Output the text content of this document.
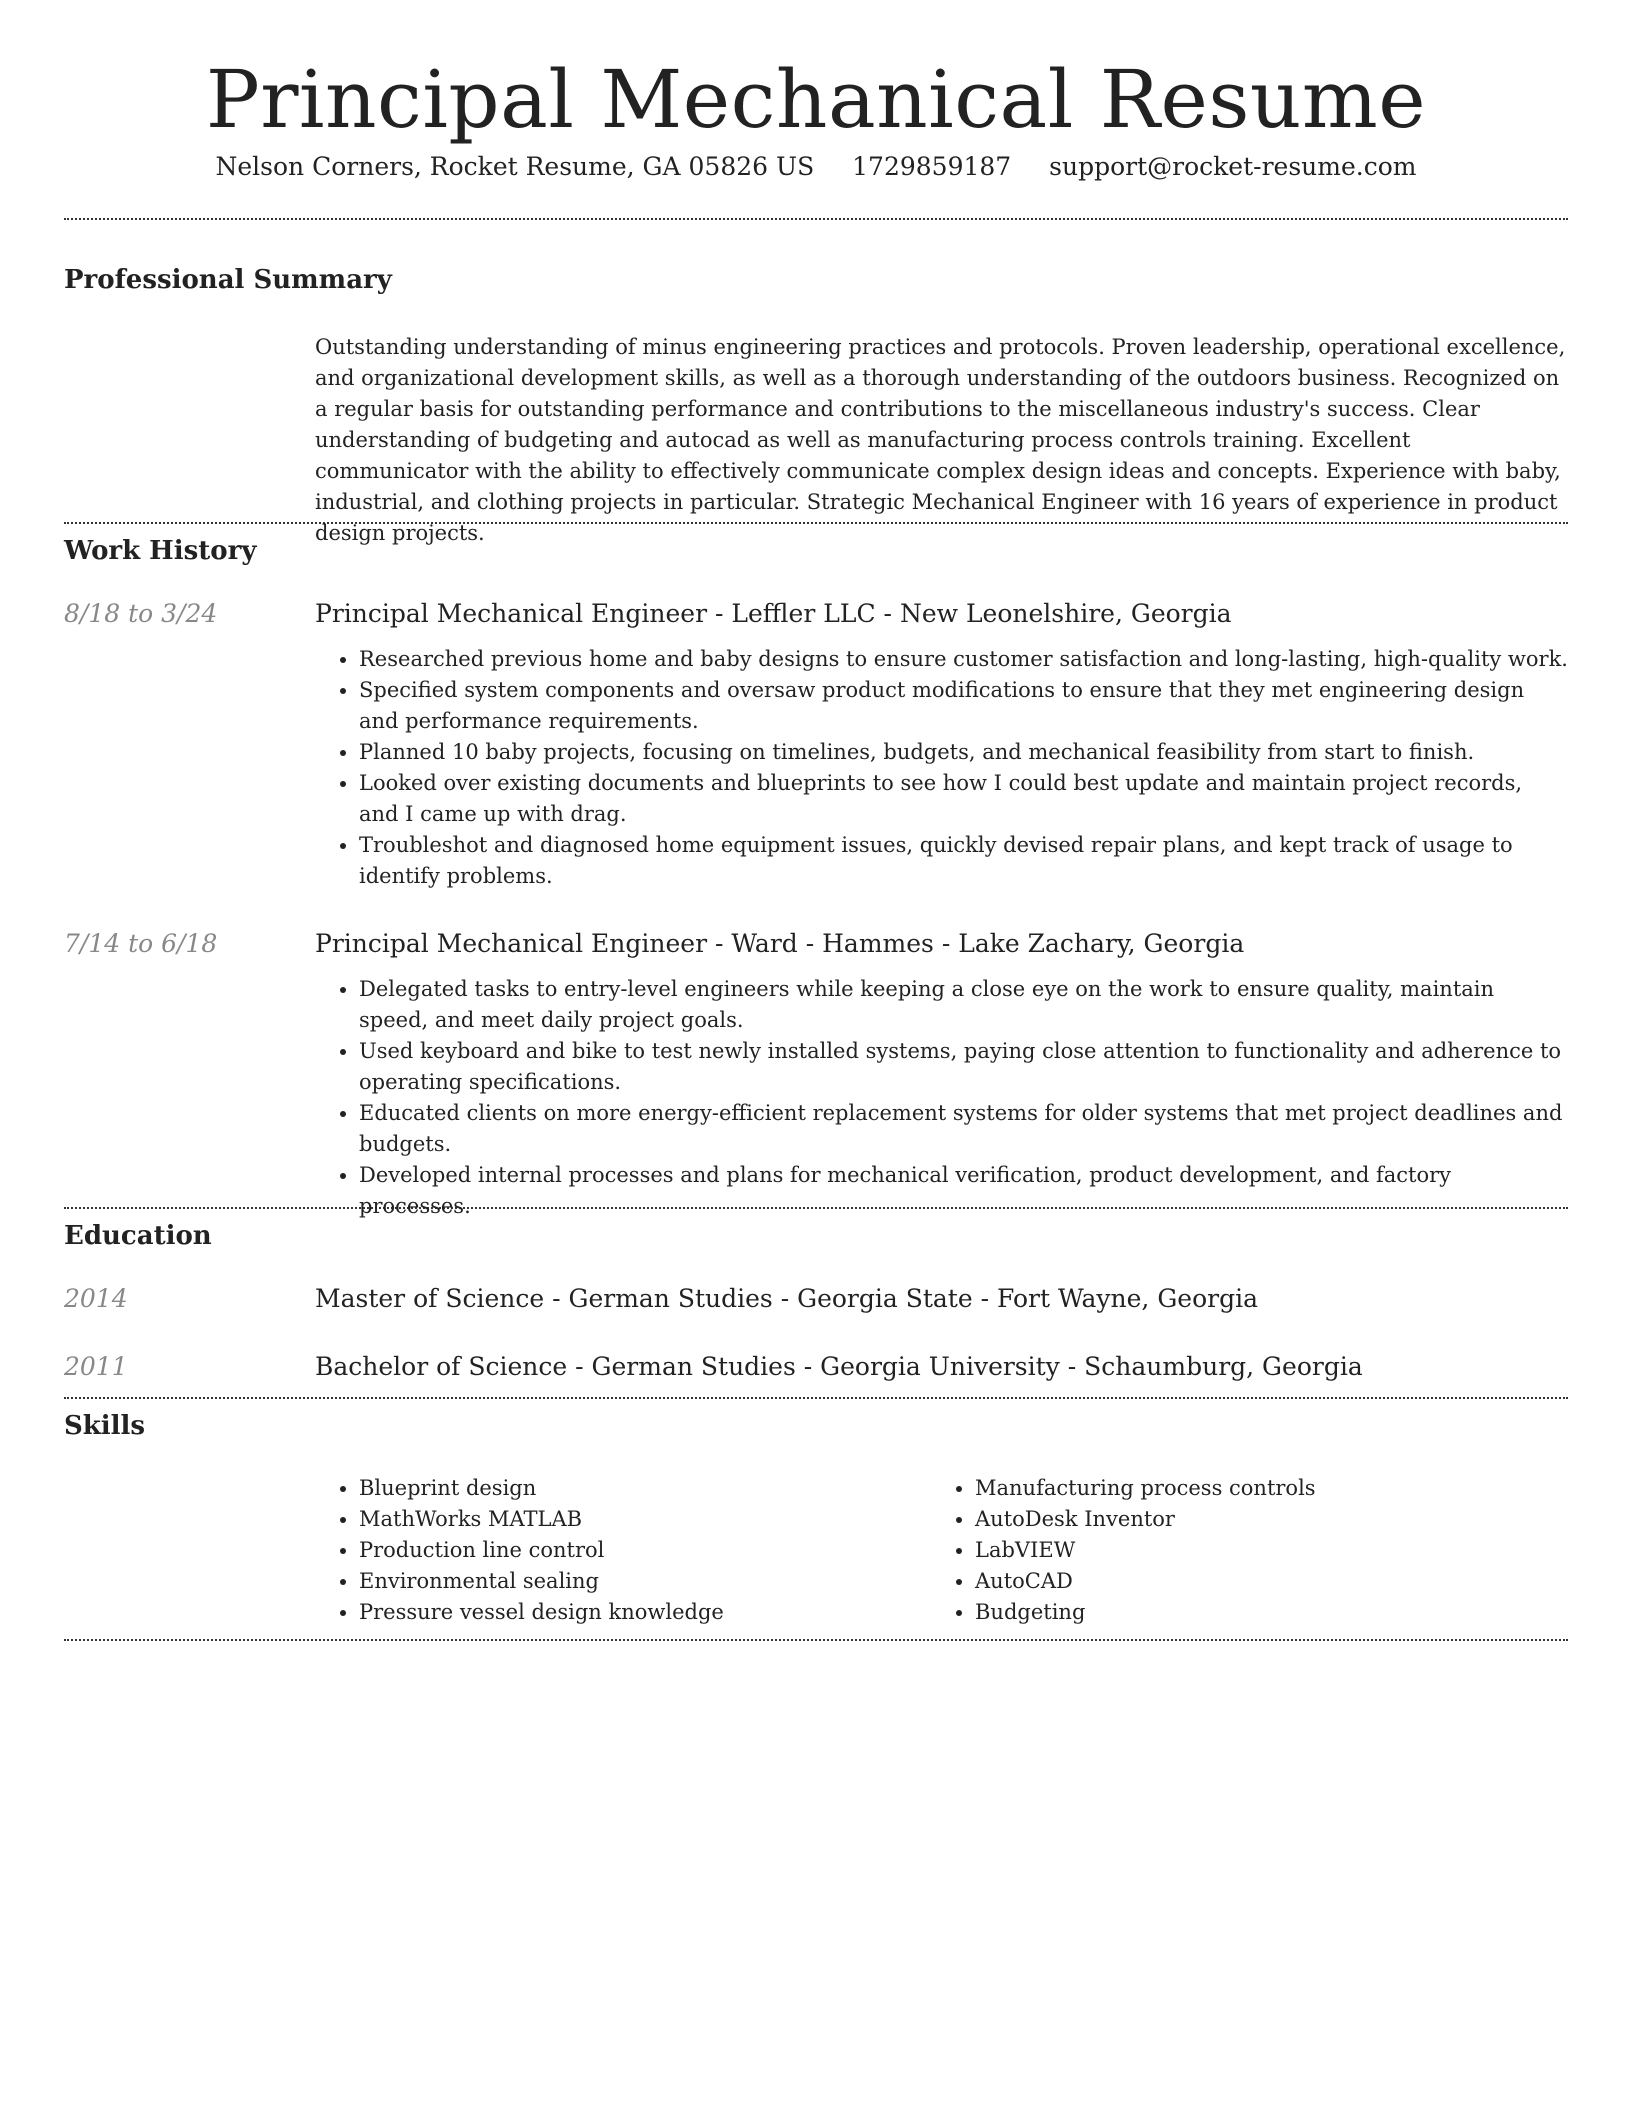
Principal Mechanical Resume
Nelson Corners, Rocket Resume, GA 05826 US 1729859187 support@rocket-resume.com
Professional Summary

Outstanding understanding of minus engineering practices and protocols. Proven leadership, operational excellence, and organizational development skills, as well as a thorough understanding of the outdoors business. Recognized on a regular basis for outstanding performance and contributions to the miscellaneous industry's success. Clear understanding of budgeting and autocad as well as manufacturing process controls training. Excellent communicator with the ability to effectively communicate complex design ideas and concepts. Experience with baby, industrial, and clothing projects in particular. Strategic Mechanical Engineer with 16 years of experience in product design projects.

Work History
8/18 to 3/24	Principal Mechanical Engineer - Leffler LLC - New Leonelshire, Georgia
• Researched previous home and baby designs to ensure customer satisfaction and long-lasting, high-quality work.
• Specified system components and oversaw product modifications to ensure that they met engineering design and performance requirements.
• Planned 10 baby projects, focusing on timelines, budgets, and mechanical feasibility from start to finish.
• Looked over existing documents and blueprints to see how I could best update and maintain project records, and I came up with drag.
• Troubleshot and diagnosed home equipment issues, quickly devised repair plans, and kept track of usage to identify problems.
7/14 to 6/18	Principal Mechanical Engineer - Ward - Hammes - Lake Zachary, Georgia
• Delegated tasks to entry-level engineers while keeping a close eye on the work to ensure quality, maintain speed, and meet daily project goals.
• Used keyboard and bike to test newly installed systems, paying close attention to functionality and adherence to operating specifications.
• Educated clients on more energy-efficient replacement systems for older systems that met project deadlines and budgets.
• Developed internal processes and plans for mechanical verification, product development, and factory processes.
Education
2014	Master of Science - German Studies - Georgia State - Fort Wayne, Georgia
2011	Bachelor of Science - German Studies - Georgia University - Schaumburg, Georgia
Skills
• Blueprint design
• MathWorks MATLAB
• Production line control
• Environmental sealing
• Pressure vessel design knowledge
• Manufacturing process controls
• AutoDesk Inventor
• LabVIEW
• AutoCAD
• Budgeting
